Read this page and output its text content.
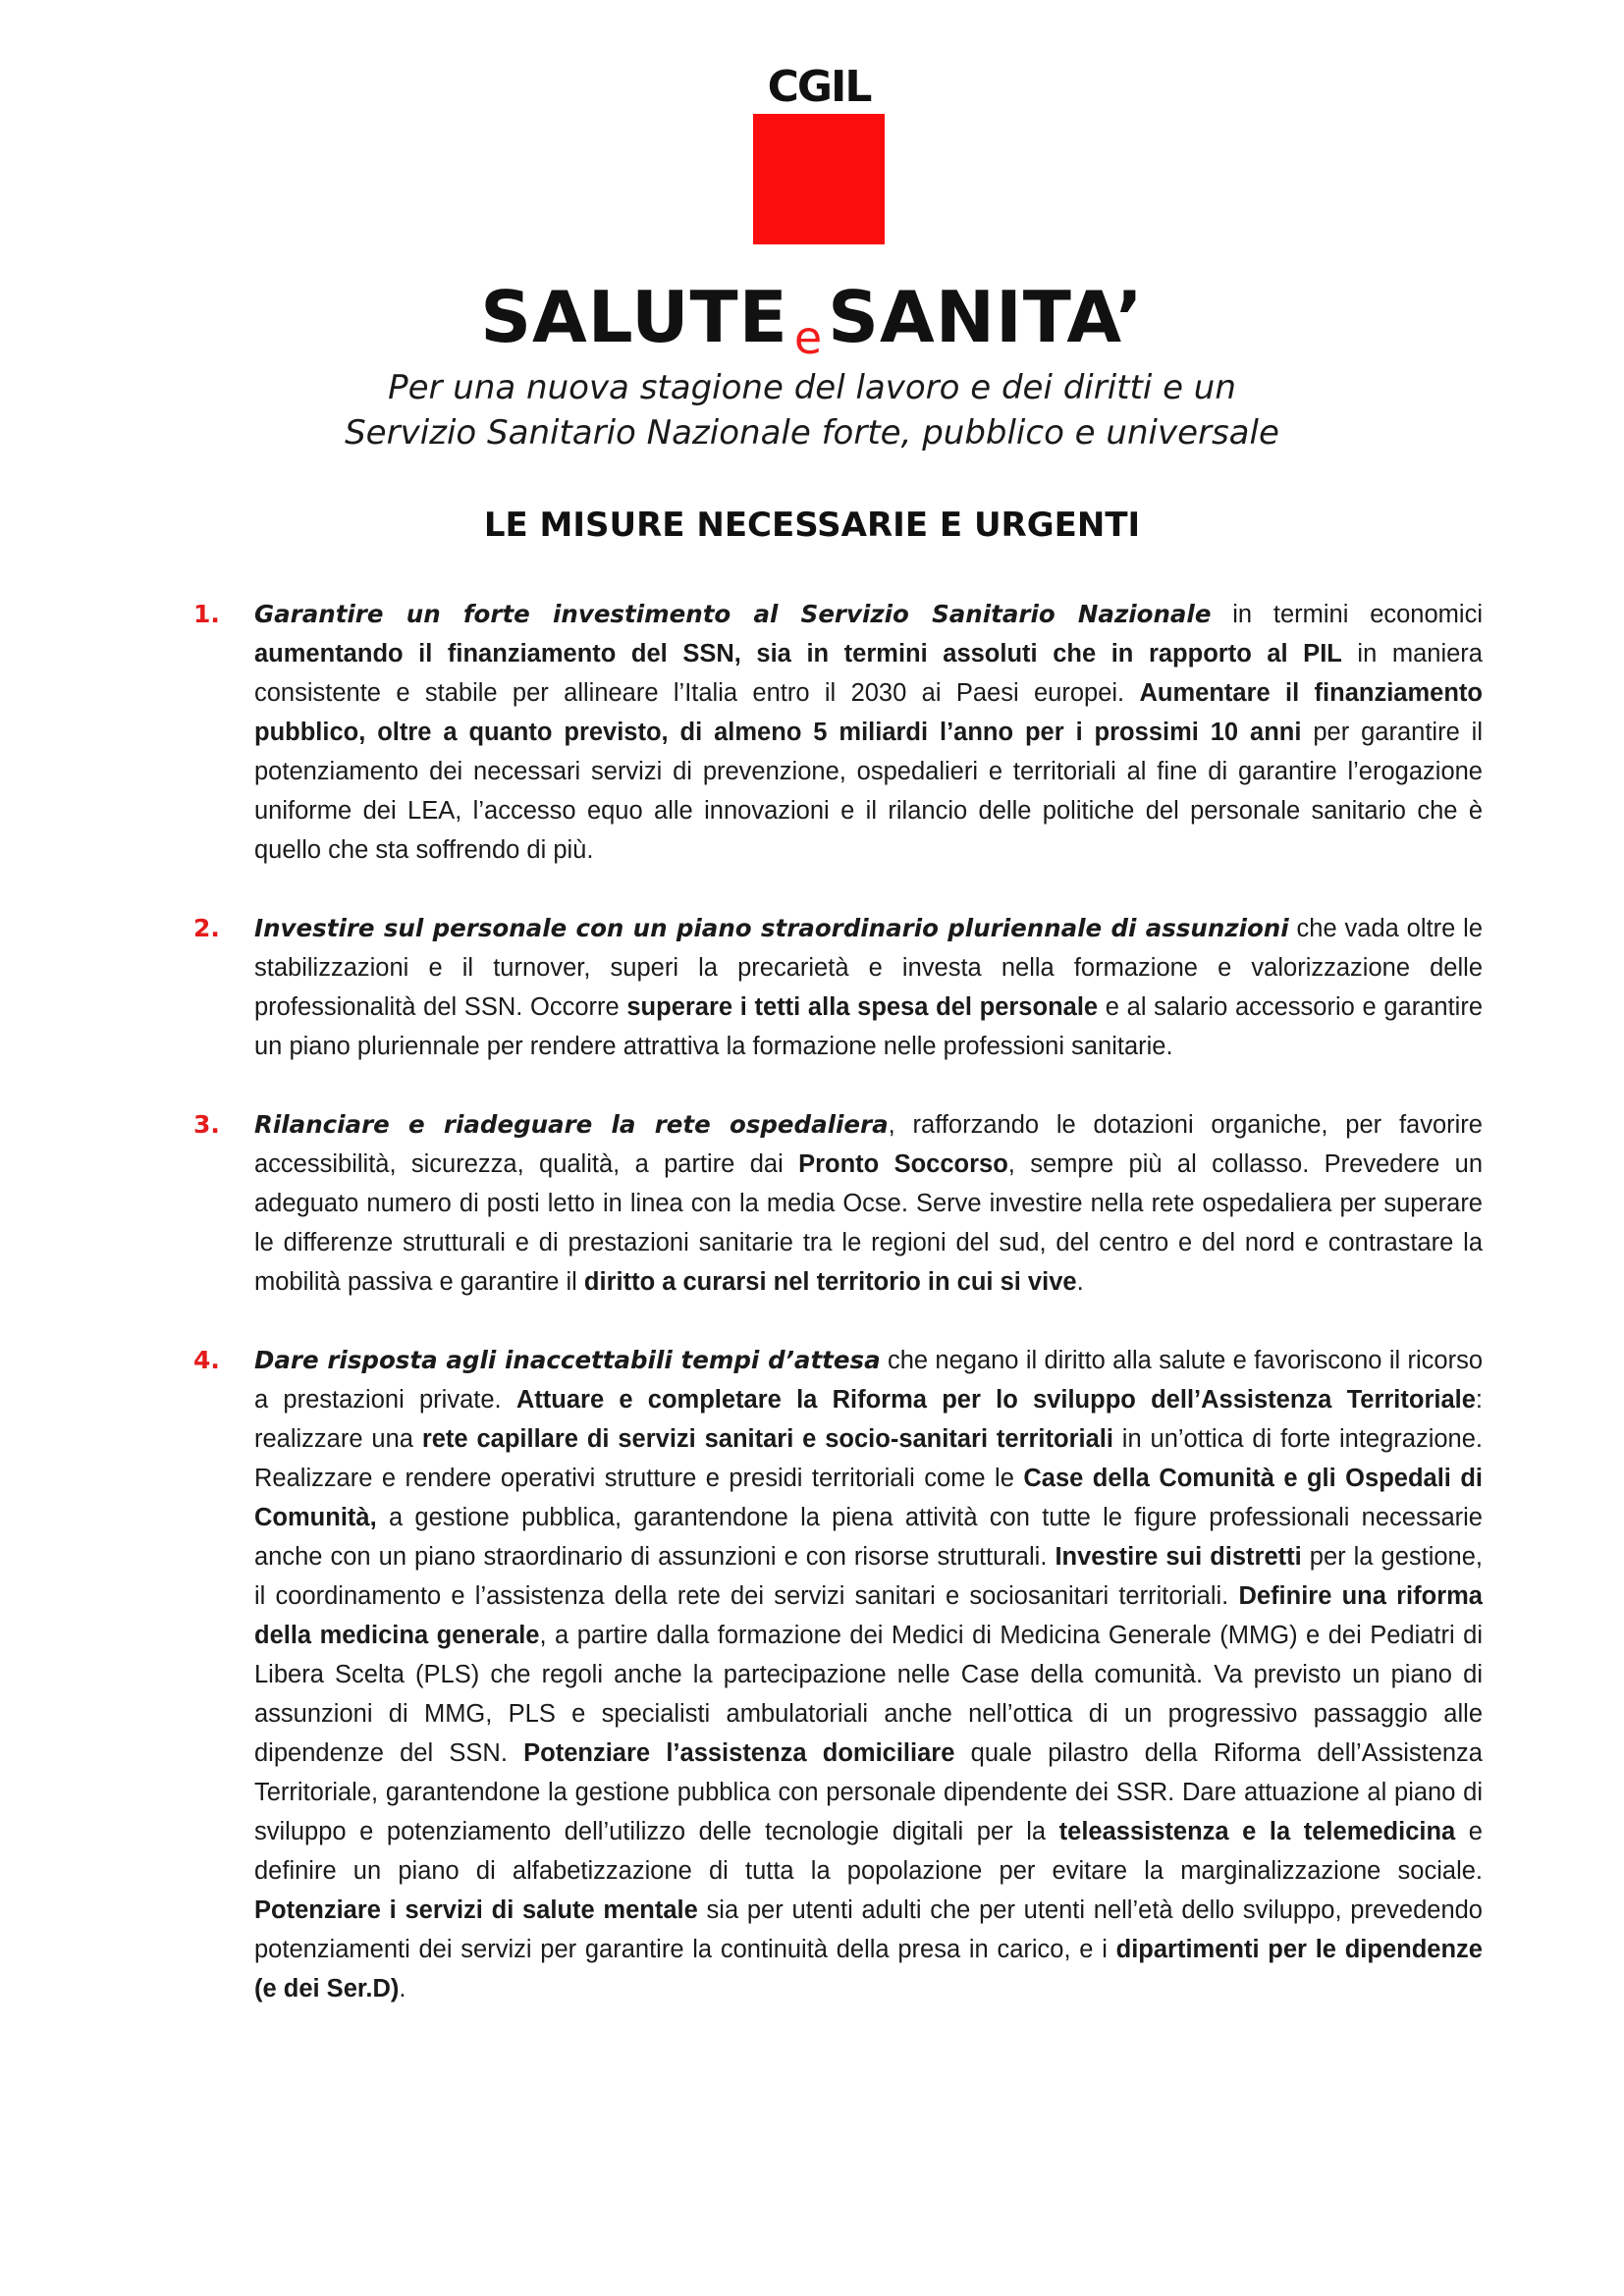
CGIL
SALUTE eSANITA’
Per una nuova stagione del lavoro e dei diritti e un
Servizio Sanitario Nazionale forte, pubblico e universale
LE MISURE NECESSARIE E URGENTI
1. Garantire un forte investimento al Servizio Sanitario Nazionale in termini economici aumentando il finanziamento del SSN, sia in termini assoluti che in rapporto al PIL in maniera consistente e stabile per allineare l’Italia entro il 2030 ai Paesi europei. Aumentare il finanziamento pubblico, oltre a quanto previsto, di almeno 5 miliardi l’anno per i prossimi 10 anni per garantire il potenziamento dei necessari servizi di prevenzione, ospedalieri e territoriali al fine di garantire l’erogazione uniforme dei LEA, l’accesso equo alle innovazioni e il rilancio delle politiche del personale sanitario che è quello che sta soffrendo di più.

2. Investire sul personale con un piano straordinario pluriennale di assunzioni che vada oltre le stabilizzazioni e il turnover, superi la precarietà e investa nella formazione e valorizzazione delle professionalità del SSN. Occorre superare i tetti alla spesa del personale e al salario accessorio e garantire un piano pluriennale per rendere attrattiva la formazione nelle professioni sanitarie.

3. Rilanciare e riadeguare la rete ospedaliera, rafforzando le dotazioni organiche, per favorire accessibilità, sicurezza, qualità, a partire dai Pronto Soccorso, sempre più al collasso. Prevedere un adeguato numero di posti letto in linea con la media Ocse. Serve investire nella rete ospedaliera per superare le differenze strutturali e di prestazioni sanitarie tra le regioni del sud, del centro e del nord e contrastare la mobilità passiva e garantire il diritto a curarsi nel territorio in cui si vive.

4. Dare risposta agli inaccettabili tempi d’attesa che negano il diritto alla salute e favoriscono il ricorso a prestazioni private. Attuare e completare la Riforma per lo sviluppo dell’Assistenza Territoriale: realizzare una rete capillare di servizi sanitari e socio-sanitari territoriali in un’ottica di forte integrazione. Realizzare e rendere operativi strutture e presidi territoriali come le Case della Comunità e gli Ospedali di Comunità, a gestione pubblica, garantendone la piena attività con tutte le figure professionali necessarie anche con un piano straordinario di assunzioni e con risorse strutturali. Investire sui distretti per la gestione, il coordinamento e l’assistenza della rete dei servizi sanitari e sociosanitari territoriali. Definire una riforma della medicina generale, a partire dalla formazione dei Medici di Medicina Generale (MMG) e dei Pediatri di Libera Scelta (PLS) che regoli anche la partecipazione nelle Case della comunità. Va previsto un piano di assunzioni di MMG, PLS e specialisti ambulatoriali anche nell’ottica di un progressivo passaggio alle dipendenze del SSN. Potenziare l’assistenza domiciliare quale pilastro della Riforma dell’Assistenza Territoriale, garantendone la gestione pubblica con personale dipendente dei SSR. Dare attuazione al piano di sviluppo e potenziamento dell’utilizzo delle tecnologie digitali per la teleassistenza e la telemedicina e definire un piano di alfabetizzazione di tutta la popolazione per evitare la marginalizzazione sociale. Potenziare i servizi di salute mentale sia per utenti adulti che per utenti nell’età dello sviluppo, prevedendo potenziamenti dei servizi per garantire la continuità della presa in carico, e i dipartimenti per le dipendenze (e dei Ser.D).
